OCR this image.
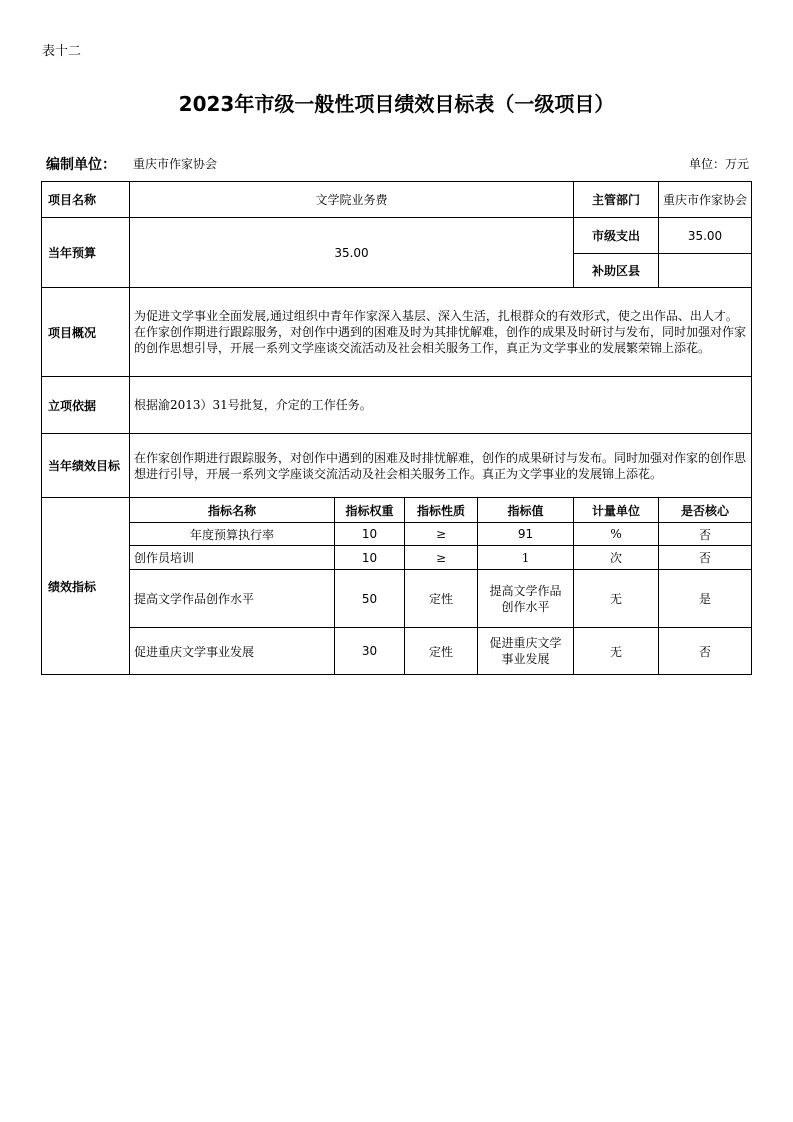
表十二
2023年市级一般性项目绩效目标表（一级项目）
编制单位： 重庆市作家协会	单位：万元
项目名称	文学院业务费				主管部门	重庆市作家协会
当年预算	35.00				市级支出	35.00
					补助区县	
项目概况	为促进文学事业全面发展,通过组织中青年作家深入基层、深入生活，扎根群众的有效形式，使之出作品、出人才。在作家创作期进行跟踪服务，对创作中遇到的困难及时为其排忧解难，创作的成果及时研讨与发布，同时加强对作家的创作思想引导，开展一系列文学座谈交流活动及社会相关服务工作，真正为文学事业的发展繁荣锦上添花。					
立项依据	根据渝2013）31号批复，介定的工作任务。					
当年绩效目标	在作家创作期进行跟踪服务，对创作中遇到的困难及时排忧解难，创作的成果研讨与发布。同时加强对作家的创作思想进行引导，开展一系列文学座谈交流活动及社会相关服务工作。真正为文学事业的发展锦上添花。					
绩效指标	指标名称	指标权重	指标性质	指标值	计量单位	是否核心
	年度预算执行率	10	≥	91	%	否
	创作员培训	10	≥	1	次	否
	提高文学作品创作水平	50	定性	提高文学作品创作水平	无	是
	促进重庆文学事业发展	30	定性	促进重庆文学事业发展	无	否
